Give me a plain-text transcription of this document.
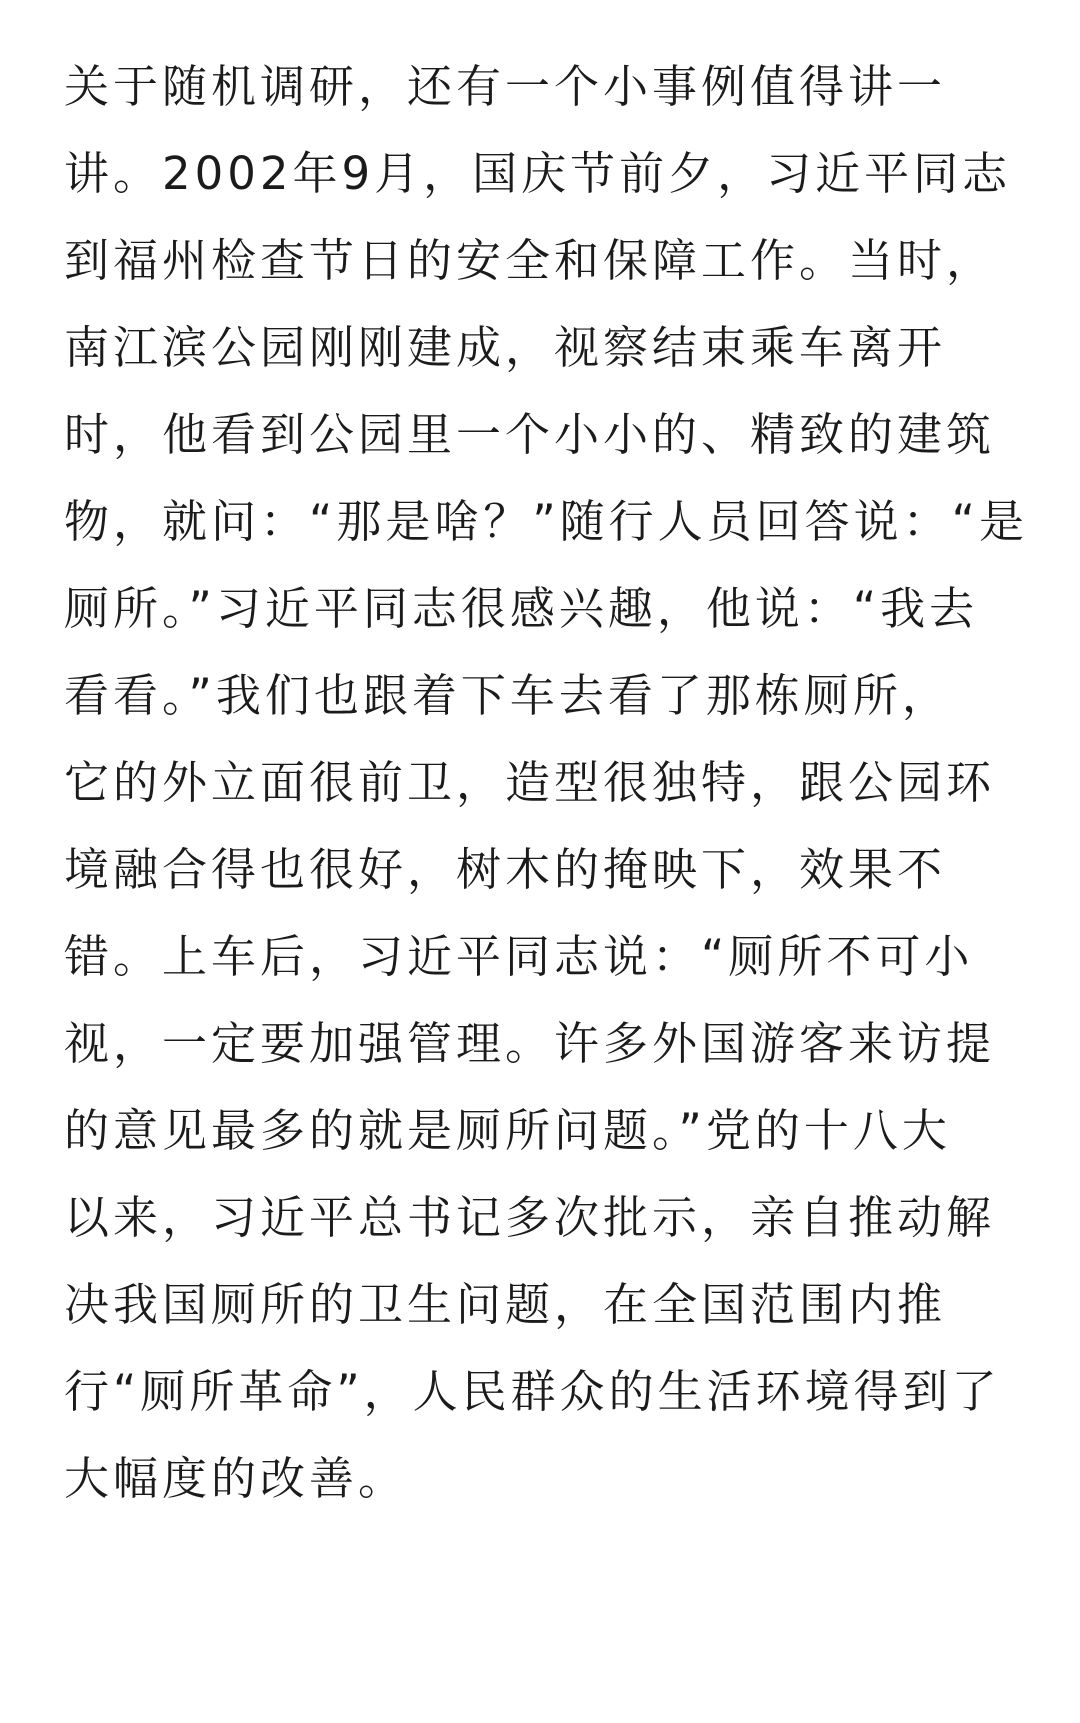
关于随机调研，还有一个小事例值得讲一
讲。2002年9月，国庆节前夕，习近平同志
到福州检查节日的安全和保障工作。当时，
南江滨公园刚刚建成，视察结束乘车离开
时，他看到公园里一个小小的、精致的建筑
物，就问：“那是啥？”随行人员回答说：“是
厕所。”习近平同志很感兴趣，他说：“我去
看看。”我们也跟着下车去看了那栋厕所，
它的外立面很前卫，造型很独特，跟公园环
境融合得也很好，树木的掩映下，效果不
错。上车后，习近平同志说：“厕所不可小
视，一定要加强管理。许多外国游客来访提
的意见最多的就是厕所问题。”党的十八大
以来，习近平总书记多次批示，亲自推动解
决我国厕所的卫生问题，在全国范围内推
行“厕所革命”，人民群众的生活环境得到了
大幅度的改善。
